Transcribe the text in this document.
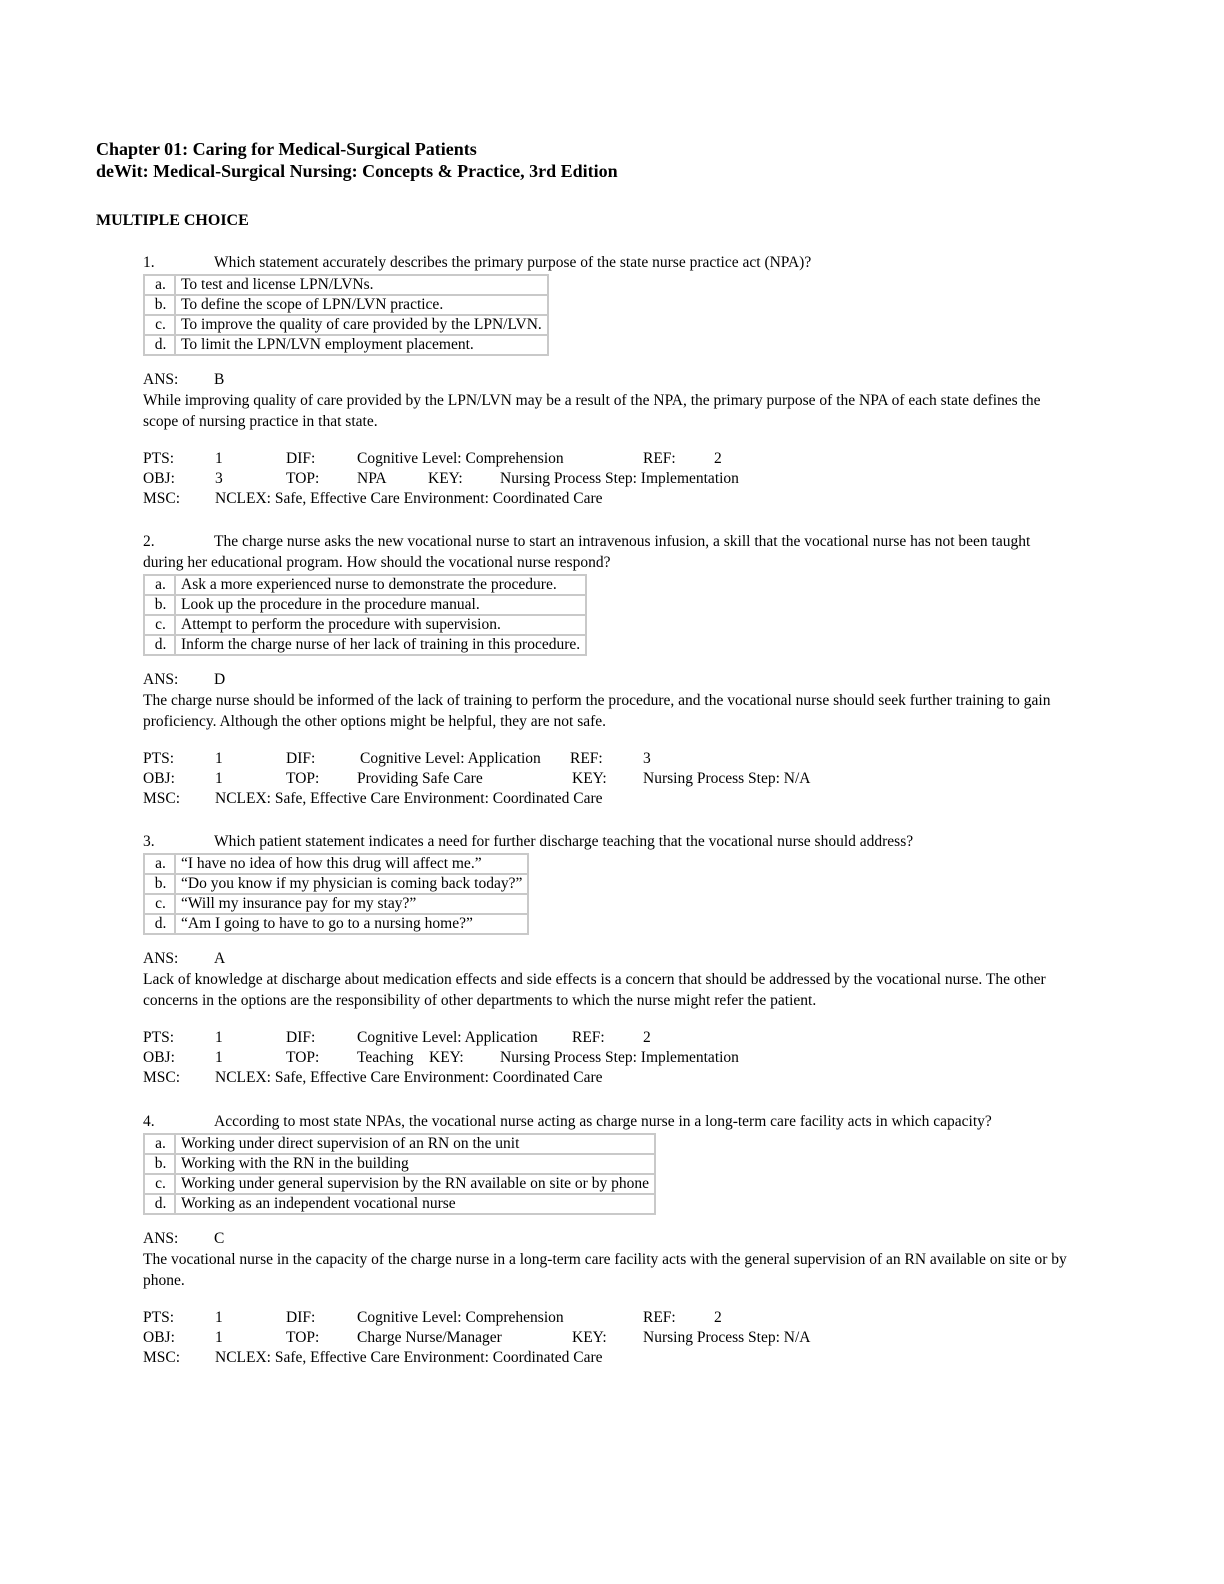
Chapter 01: Caring for Medical-Surgical Patients
deWit: Medical-Surgical Nursing: Concepts & Practice, 3rd Edition
MULTIPLE CHOICE

1.	Which statement accurately describes the primary purpose of the state nurse practice act (NPA)?

a.	To test and license LPN/LVNs.
b.	To define the scope of LPN/LVN practice.
c.	To improve the quality of care provided by the LPN/LVN.
d.	To limit the LPN/LVN employment placement.
ANS: B
While improving quality of care provided by the LPN/LVN may be a result of the NPA, the primary purpose of the NPA of each state defines the scope of nursing practice in that state.
PTS:	1	DIF:	Cognitive Level: Comprehension	REF: 2
OBJ:	3	TOP: NPA	KEY: Nursing Process Step: Implementation
MSC: NCLEX: Safe, Effective Care Environment: Coordinated Care

2.	The charge nurse asks the new vocational nurse to start an intravenous infusion, a skill that the vocational nurse has not been taught during her educational program. How should the vocational nurse respond?

a.	Ask a more experienced nurse to demonstrate the procedure.
b.	Look up the procedure in the procedure manual.
c.	Attempt to perform the procedure with supervision.
d.	Inform the charge nurse of her lack of training in this procedure.
ANS: D
The charge nurse should be informed of the lack of training to perform the procedure, and the vocational nurse should seek further training to gain proficiency. Although the other options might be helpful, they are not safe.
PTS:	1	DIF:	Cognitive Level: Application REF:	3
OBJ:	1	TOP: Providing Safe Care	KEY: Nursing Process Step: N/A
MSC: NCLEX: Safe, Effective Care Environment: Coordinated Care

3.	Which patient statement indicates a need for further discharge teaching that the vocational nurse should address?

a.	“I have no idea of how this drug will affect me.”
b.	“Do you know if my physician is coming back today?”
c.	“Will my insurance pay for my stay?”
d.	“Am I going to have to go to a nursing home?”
ANS: A
Lack of knowledge at discharge about medication effects and side effects is a concern that should be addressed by the vocational nurse. The other concerns in the options are the responsibility of other departments to which the nurse might refer the patient.
PTS:	1	DIF:	Cognitive Level: Application REF: 2
OBJ:	1	TOP: Teaching KEY: Nursing Process Step: Implementation
MSC: NCLEX: Safe, Effective Care Environment: Coordinated Care

4.	According to most state NPAs, the vocational nurse acting as charge nurse in a long-term care facility acts in which capacity?

a.	Working under direct supervision of an RN on the unit
b.	Working with the RN in the building
c.	Working under general supervision by the RN available on site or by phone
d.	Working as an independent vocational nurse
ANS: C
The vocational nurse in the capacity of the charge nurse in a long-term care facility acts with the general supervision of an RN available on site or by phone.
PTS:	1	DIF:	Cognitive Level: Comprehension	REF: 2
OBJ:	1	TOP: Charge Nurse/Manager	KEY: Nursing Process Step: N/A
MSC: NCLEX: Safe, Effective Care Environment: Coordinated Care
